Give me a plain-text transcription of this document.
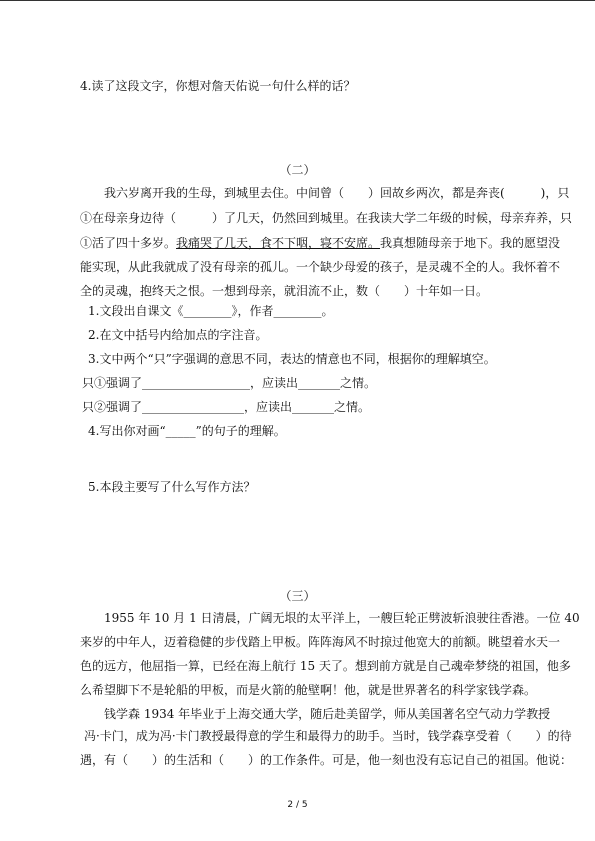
4.读了这段文字，你想对詹天佑说一句什么样的话？
（二）
我六岁离开我的生母，到城里去住。中间曾（　　）回故乡两次，都是奔丧(　　　)，只
①在母亲身边待（　　　）了几天，仍然回到城里。在我读大学二年级的时候，母亲弃养，只
①活了四十多岁。我痛哭了几天，食不下咽，寝不安席。我真想随母亲于地下。我的愿望没
能实现，从此我就成了没有母亲的孤儿。一个缺少母爱的孩子，是灵魂不全的人。我怀着不
全的灵魂，抱终天之恨。一想到母亲，就泪流不止，数（　　）十年如一日。
1.文段出自课文《________》，作者________。
2.在文中括号内给加点的字注音。
3.文中两个“只”字强调的意思不同，表达的情意也不同，根据你的理解填空。
只①强调了__________________，应读出_______之情。
只②强调了_________________，应读出_______之情。
4.写出你对画“_____”的句子的理解。
5.本段主要写了什么写作方法？
（三）
1955 年 10 月 1 日清晨，广阔无垠的太平洋上，一艘巨轮正劈波斩浪驶往香港。一位 40
来岁的中年人，迈着稳健的步伐踏上甲板。阵阵海风不时掠过他宽大的前额。眺望着水天一
色的远方，他屈指一算，已经在海上航行 15 天了。想到前方就是自己魂牵梦绕的祖国，他多
么希望脚下不是轮船的甲板，而是火箭的舱壁啊！他，就是世界著名的科学家钱学森。
钱学森 1934 年毕业于上海交通大学，随后赴美留学，师从美国著名空气动力学教授
冯·卡门，成为冯·卡门教授最得意的学生和最得力的助手。当时，钱学森享受着（　　）的待
遇，有（　　）的生活和（　　）的工作条件。可是，他一刻也没有忘记自己的祖国。他说：
2 / 5
